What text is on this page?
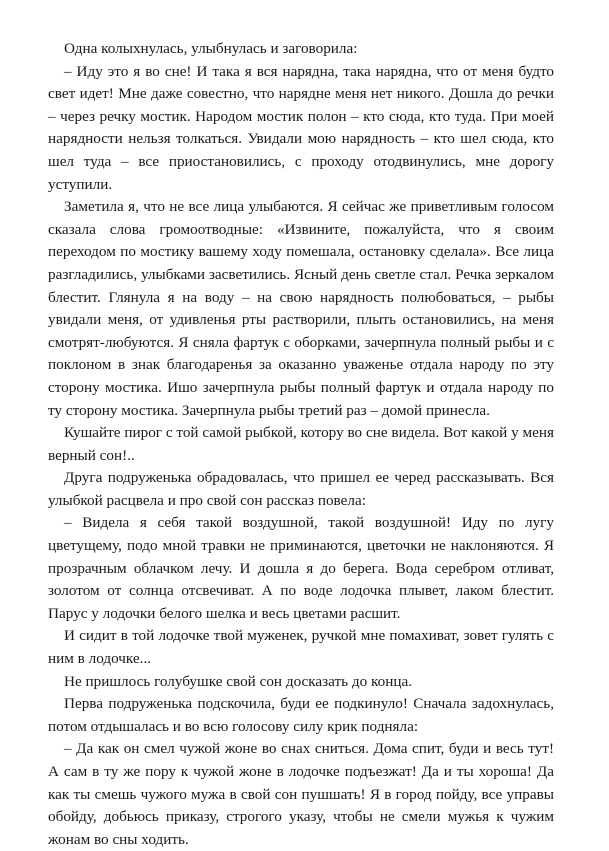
Одна колыхнулась, улыбнулась и заговорила:

– Иду это я во сне! И така я вся нарядна, така нарядна, что от меня будто свет идет! Мне даже совестно, что нарядне меня нет никого. Дошла до речки – через речку мостик. Народом мостик полон – кто сюда, кто туда. При моей нарядности нельзя толкаться. Увидали мою нарядность – кто шел сюда, кто шел туда – все приостановились, с проходу отодвинулись, мне дорогу уступили.

Заметила я, что не все лица улыбаются. Я сейчас же приветливым голосом сказала слова громоотводные: «Извините, пожалуйста, что я своим переходом по мостику вашему ходу помешала, остановку сделала». Все лица разгладились, улыбками засветились. Ясный день светле стал. Речка зеркалом блестит. Глянула я на воду – на свою нарядность полюбоваться, – рыбы увидали меня, от удивленья рты растворили, плыть остановились, на меня смотрят-любуются. Я сняла фартук с оборками, зачерпнула полный рыбы и с поклоном в знак благодаренья за оказанно уваженье отдала народу по эту сторону мостика. Ишо зачерпнула рыбы полный фартук и отдала народу по ту сторону мостика. Зачерпнула рыбы третий раз – домой принесла.

Кушайте пирог с той самой рыбкой, котору во сне видела. Вот какой у меня верный сон!..

Друга подруженька обрадовалась, что пришел ее черед рассказывать. Вся улыбкой расцвела и про свой сон рассказ повела:

– Видела я себя такой воздушной, такой воздушной! Иду по лугу цветущему, подо мной травки не приминаются, цветочки не наклоняются. Я прозрачным облачком лечу. И дошла я до берега. Вода серебром отливат, золотом от солнца отсвечиват. А по воде лодочка плывет, лаком блестит. Парус у лодочки белого шелка и весь цветами расшит.

И сидит в той лодочке твой муженек, ручкой мне помахиват, зовет гулять с ним в лодочке...

Не пришлось голубушке свой сон досказать до конца.

Перва подруженька подскочила, буди ее подкинуло! Сначала задохнулась, потом отдышалась и во всю голосову силу крик подняла:

– Да как он смел чужой жоне во снах сниться. Дома спит, буди и весь тут! А сам в ту же пору к чужой жоне в лодочке подъезжат! Да и ты хороша! Да как ты смешь чужого мужа в свой сон пушшать! Я в город пойду, все управы обойду, добьюсь приказу, строгого указу, чтобы не смели мужья к чужим жонам во сны ходить.
